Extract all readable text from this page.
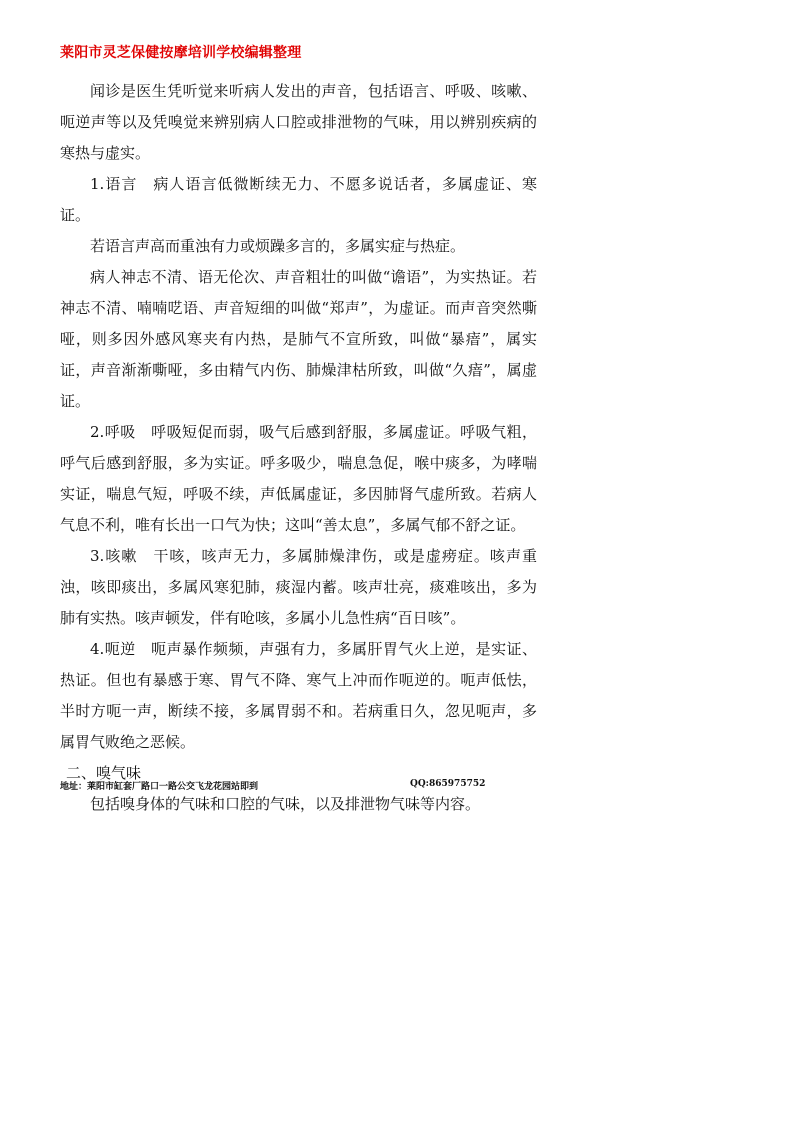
莱阳市灵芝保健按摩培训学校编辑整理

闻诊是医生凭听觉来听病人发出的声音，包括语言、呼吸、咳嗽、呃逆声等以及凭嗅觉来辨别病人口腔或排泄物的气味，用以辨别疾病的寒热与虚实。

1.语言　病人语言低微断续无力、不愿多说话者，多属虚证、寒证。

若语言声高而重浊有力或烦躁多言的，多属实症与热症。

病人神志不清、语无伦次、声音粗壮的叫做“谵语”，为实热证。若神志不清、喃喃呓语、声音短细的叫做“郑声”，为虚证。而声音突然嘶哑，则多因外感风寒夹有内热，是肺气不宣所致，叫做“暴瘖”，属实证，声音渐渐嘶哑，多由精气内伤、肺燥津枯所致，叫做“久瘖”，属虚证。

2.呼吸　呼吸短促而弱，吸气后感到舒服，多属虚证。呼吸气粗，呼气后感到舒服，多为实证。呼多吸少，喘息急促，喉中痰多，为哮喘实证，喘息气短，呼吸不续，声低属虚证，多因肺肾气虚所致。若病人气息不利，唯有长出一口气为快；这叫“善太息”，多属气郁不舒之证。

3.咳嗽　干咳，咳声无力，多属肺燥津伤，或是虚痨症。咳声重浊，咳即痰出，多属风寒犯肺，痰湿内蓄。咳声壮亮，痰难咳出，多为肺有实热。咳声顿发，伴有呛咳，多属小儿急性病“百日咳”。

4.呃逆　呃声暴作频频，声强有力，多属肝胃气火上逆，是实证、热证。但也有暴感于寒、胃气不降、寒气上冲而作呃逆的。呃声低怯，半时方呃一声，断续不接，多属胃弱不和。若病重日久，忽见呃声，多属胃气败绝之恶候。

二、嗅气味

包括嗅身体的气味和口腔的气味，以及排泄物气味等内容。

地址：莱阳市缸套厂路口一路公交飞龙花园站即到	QQ:865975752
